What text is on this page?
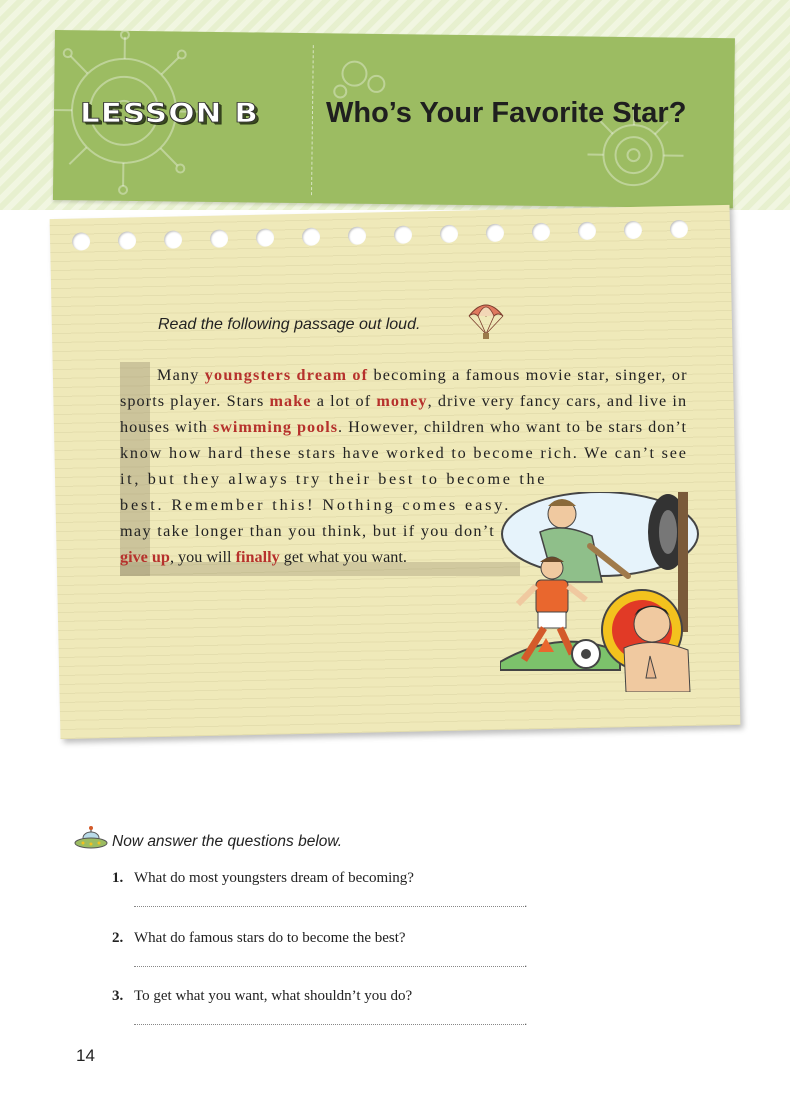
LESSON B Who’s Your Favorite Star?
Read the following passage out loud.
Many youngsters dream of becoming a famous movie star, singer, or
sports player. Stars make a lot of money, drive very fancy cars, and live in
houses with swimming pools. However, children who want to be stars don’t
know how hard these stars have worked to become rich. We can’t see
it, but they always try their best to become the
best. Remember this! Nothing comes easy.
may take longer than you think, but if you don’t
give up, you will finally get what you want.
Now answer the questions below.
1. What do most youngsters dream of becoming?
.
2. What do famous stars do to become the best?
.
3. To get what you want, what shouldn’t you do?
.
14
